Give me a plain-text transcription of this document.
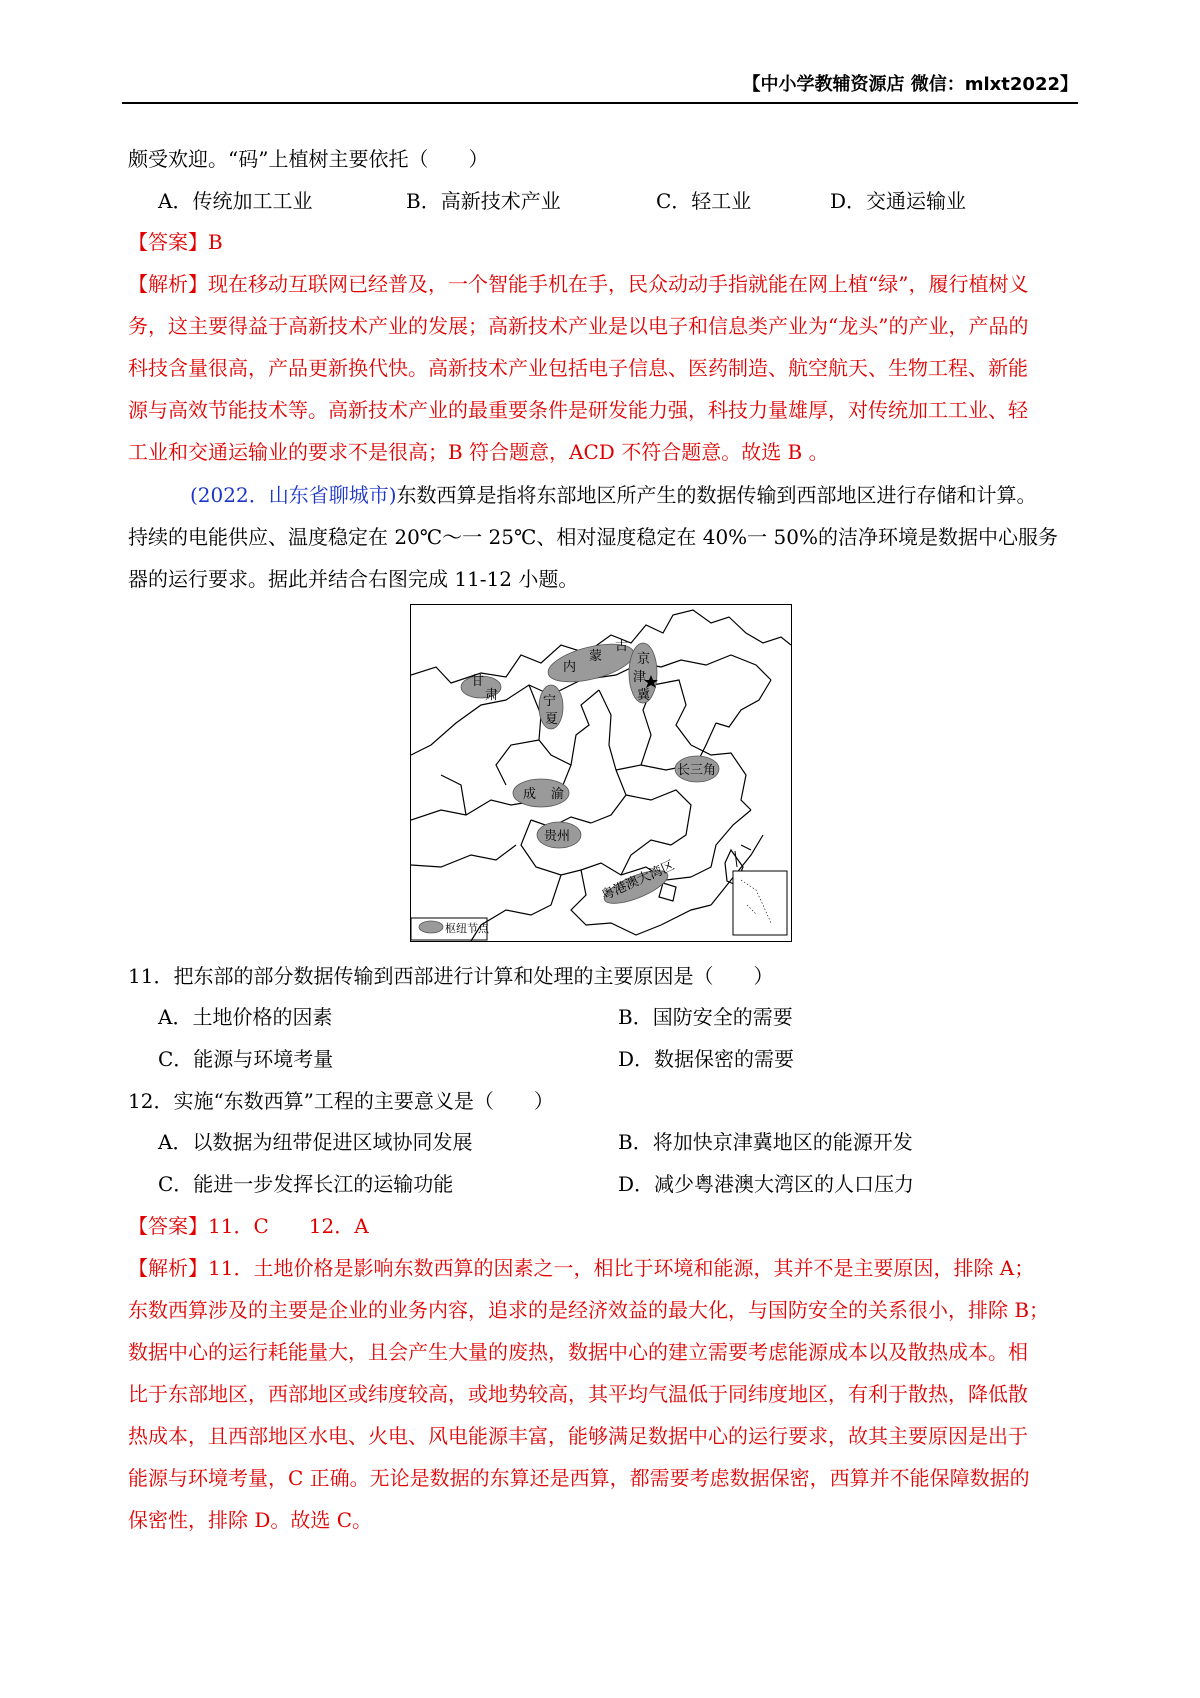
【中小学教辅资源店 微信：mlxt2022】
颇受欢迎。“码”上植树主要依托（　　）
A．传统加工工业	B．高新技术产业	C．轻工业	D．交通运输业
【答案】B
【解析】现在移动互联网已经普及，一个智能手机在手，民众动动手指就能在网上植“绿”，履行植树义
务，这主要得益于高新技术产业的发展；高新技术产业是以电子和信息类产业为“龙头”的产业，产品的
科技含量很高，产品更新换代快。高新技术产业包括电子信息、医药制造、航空航天、生物工程、新能
源与高效节能技术等。高新技术产业的最重要条件是研发能力强，科技力量雄厚，对传统加工工业、轻
工业和交通运输业的要求不是很高；B 符合题意，ACD 不符合题意。故选 B 。
(2022．山东省聊城市)东数西算是指将东部地区所产生的数据传输到西部地区进行存储和计算。
持续的电能供应、温度稳定在 20℃～一 25℃、相对湿度稳定在 40%一 50%的洁净环境是数据中心服务
器的运行要求。据此并结合右图完成 11-12 小题。
内
蒙
古
甘
肃	宁
夏
京
津
冀
长三角
成 渝
贵州
粤港澳大湾区
枢纽节点
11．把东部的部分数据传输到西部进行计算和处理的主要原因是（　　）
A．土地价格的因素	B．国防安全的需要
C．能源与环境考量	D．数据保密的需要
12．实施“东数西算”工程的主要意义是（　　）
A．以数据为纽带促进区域协同发展	B．将加快京津冀地区的能源开发
C．能进一步发挥长江的运输功能	D．减少粤港澳大湾区的人口压力
【答案】11．C　　12．A
【解析】11．土地价格是影响东数西算的因素之一，相比于环境和能源，其并不是主要原因，排除 A；
东数西算涉及的主要是企业的业务内容，追求的是经济效益的最大化，与国防安全的关系很小，排除 B；
数据中心的运行耗能量大，且会产生大量的废热，数据中心的建立需要考虑能源成本以及散热成本。相
比于东部地区，西部地区或纬度较高，或地势较高，其平均气温低于同纬度地区，有利于散热，降低散
热成本，且西部地区水电、火电、风电能源丰富，能够满足数据中心的运行要求，故其主要原因是出于
能源与环境考量，C 正确。无论是数据的东算还是西算，都需要考虑数据保密，西算并不能保障数据的
保密性，排除 D。故选 C。
